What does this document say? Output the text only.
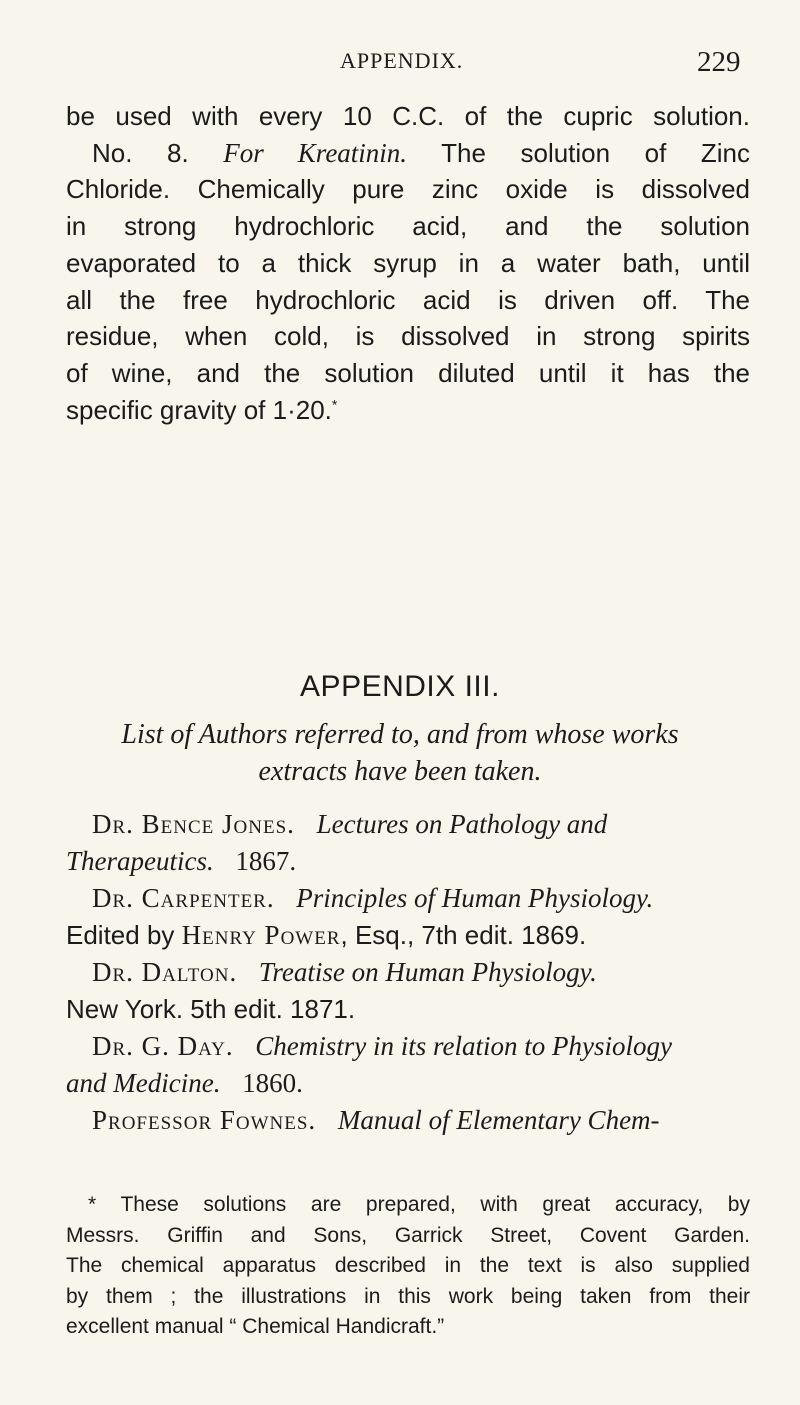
APPENDIX.	229
be used with every 10 C.C. of the cupric solution.
No. 8. For Kreatinin. The solution of Zinc
Chloride. Chemically pure zinc oxide is dissolved
in strong hydrochloric acid, and the solution
evaporated to a thick syrup in a water bath, until
all the free hydrochloric acid is driven off. The
residue, when cold, is dissolved in strong spirits
of wine, and the solution diluted until it has the
specific gravity of 1·20.*
APPENDIX III.
List of Authors referred to, and from whose works
extracts have been taken.
Dr. Bence Jones. Lectures on Pathology and
Therapeutics. 1867.
Dr. Carpenter. Principles of Human Physiology.
Edited by Henry Power, Esq., 7th edit. 1869.
Dr. Dalton. Treatise on Human Physiology.
New York. 5th edit. 1871.
Dr. G. Day. Chemistry in its relation to Physiology
and Medicine. 1860.
Professor Fownes. Manual of Elementary Chem-
* These solutions are prepared, with great accuracy, by
Messrs. Griffin and Sons, Garrick Street, Covent Garden.
The chemical apparatus described in the text is also supplied
by them ; the illustrations in this work being taken from their
excellent manual “ Chemical Handicraft.”
